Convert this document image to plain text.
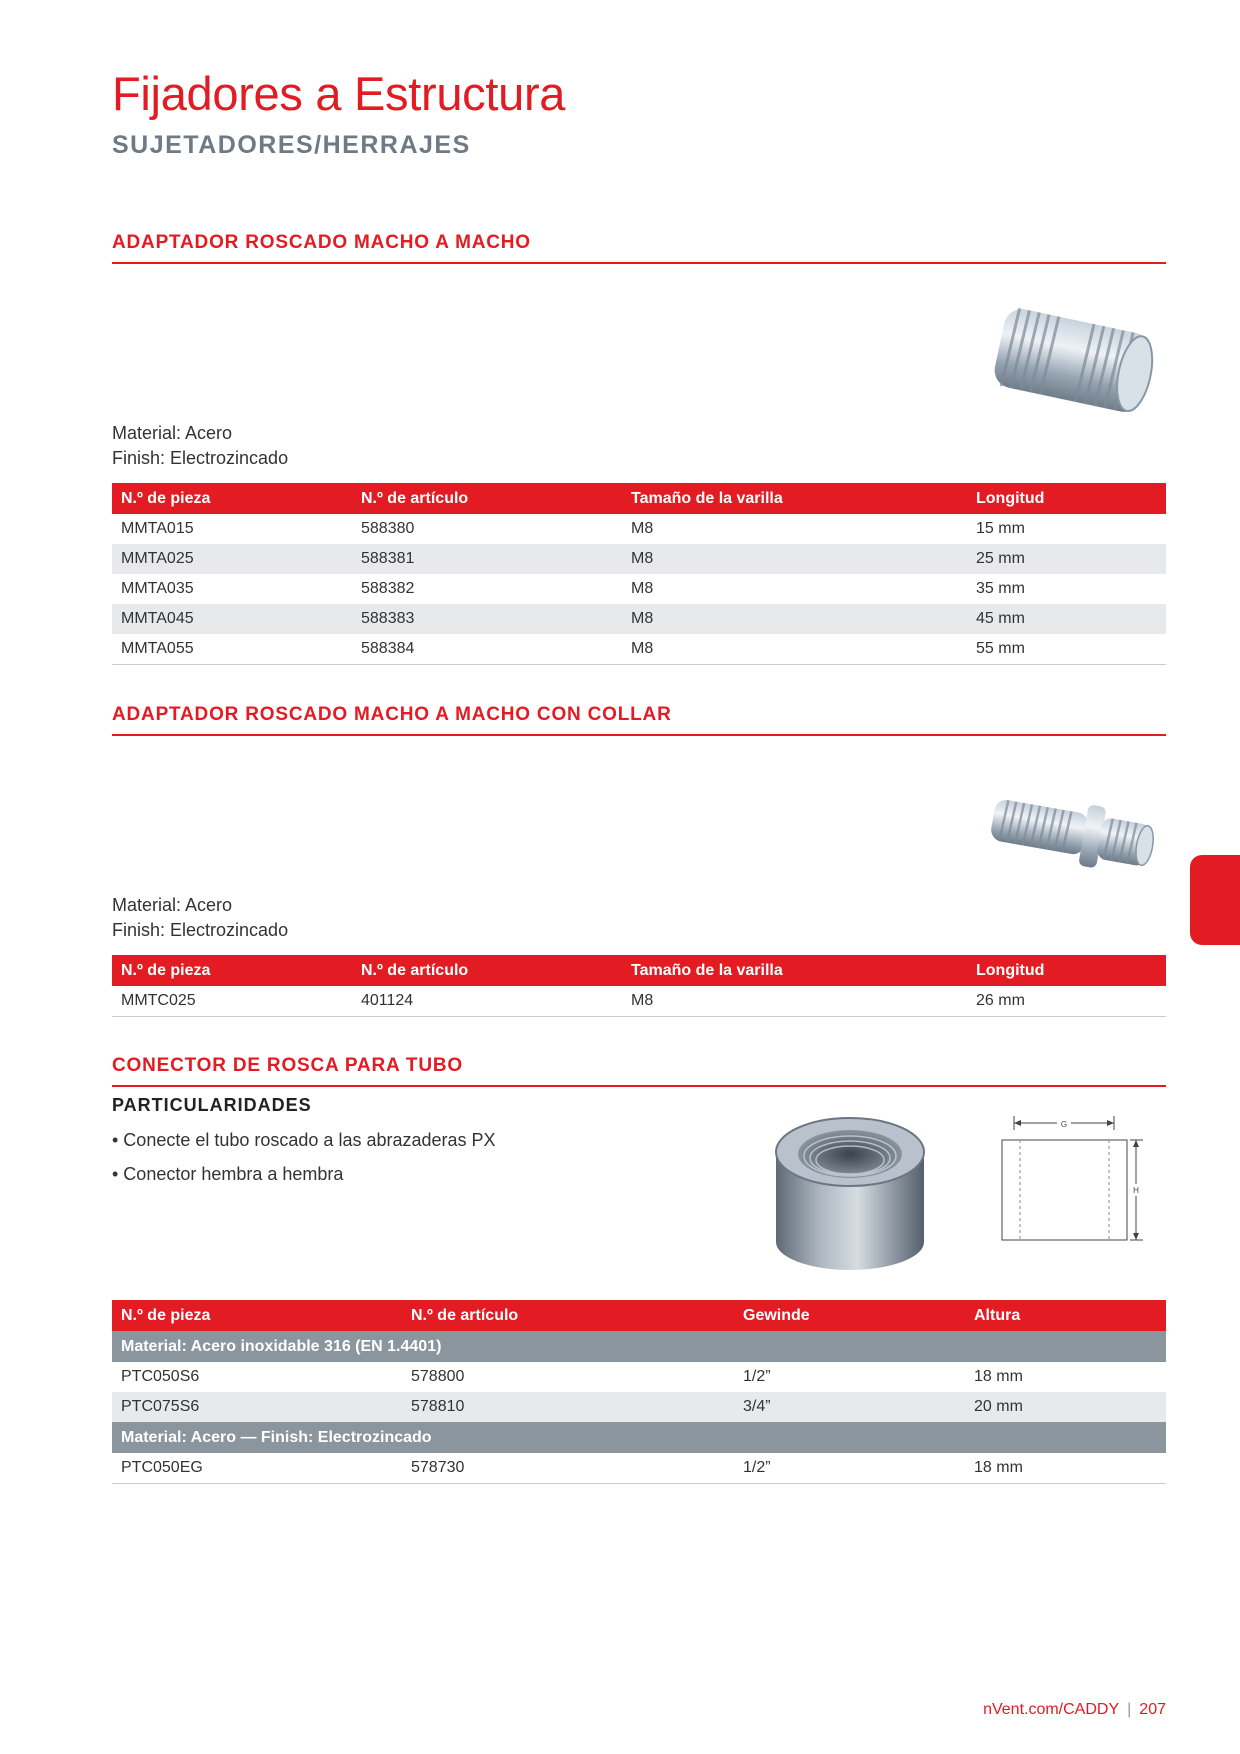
Fijadores a Estructura
SUJETADORES/HERRAJES
ADAPTADOR ROSCADO MACHO A MACHO
Material: Acero
Finish: Electrozincado
N.º de pieza	N.º de artículo	Tamaño de la varilla	Longitud
MMTA015	588380	M8	15 mm
MMTA025	588381	M8	25 mm
MMTA035	588382	M8	35 mm
MMTA045	588383	M8	45 mm
MMTA055	588384	M8	55 mm
ADAPTADOR ROSCADO MACHO A MACHO CON COLLAR
Material: Acero
Finish: Electrozincado
N.º de pieza	N.º de artículo	Tamaño de la varilla	Longitud
MMTC025	401124	M8	26 mm
CONECTOR DE ROSCA PARA TUBO
PARTICULARIDADES
• Conecte el tubo roscado a las abrazaderas PX
• Conector hembra a hembra
G
H
N.º de pieza	N.º de artículo	Gewinde	Altura
Material: Acero inoxidable 316 (EN 1.4401)			
PTC050S6	578800	1/2”	18 mm
PTC075S6	578810	3/4”	20 mm
Material: Acero — Finish: Electrozincado			
PTC050EG	578730	1/2”	18 mm
nVent.com/CADDY | 207
